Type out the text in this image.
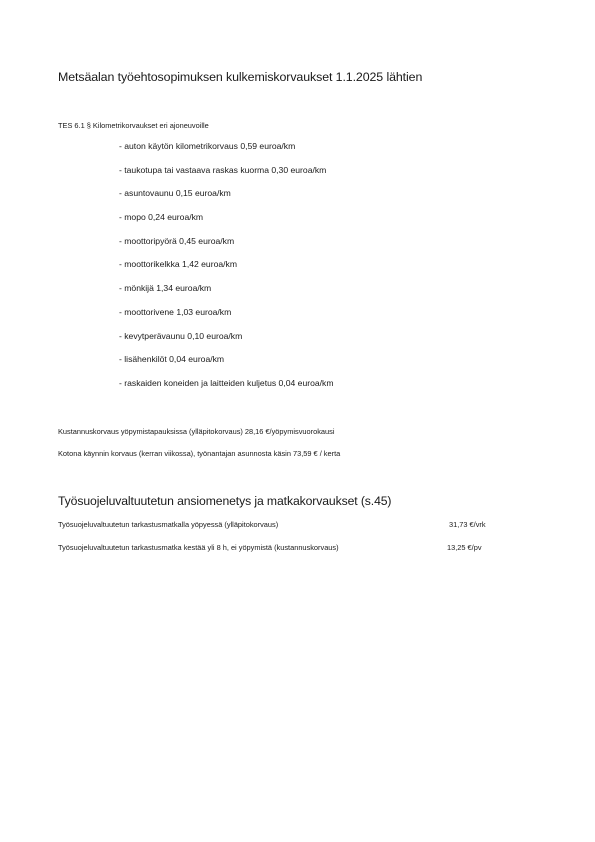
Metsäalan työehtosopimuksen kulkemiskorvaukset 1.1.2025 lähtien
TES 6.1 § Kilometrikorvaukset eri ajoneuvoille
- auton käytön kilometrikorvaus 0,59 euroa/km
- taukotupa tai vastaava raskas kuorma 0,30 euroa/km
- asuntovaunu 0,15 euroa/km
- mopo 0,24 euroa/km
- moottoripyörä 0,45 euroa/km
- moottorikelkka 1,42 euroa/km
- mönkijä 1,34 euroa/km
- moottorivene 1,03 euroa/km
- kevytperävaunu 0,10 euroa/km
- lisähenkilöt 0,04 euroa/km
- raskaiden koneiden ja laitteiden kuljetus 0,04 euroa/km
Kustannuskorvaus yöpymistapauksissa (ylläpitokorvaus) 28,16 €/yöpymisvuorokausi
Kotona käynnin korvaus (kerran viikossa), työnantajan asunnosta käsin 73,59 € / kerta
Työsuojeluvaltuutetun ansiomenetys ja matkakorvaukset (s.45)
Työsuojeluvaltuutetun tarkastusmatkalla yöpyessä (ylläpitokorvaus)	31,73 €/vrk
Työsuojeluvaltuutetun tarkastusmatka kestää yli 8 h, ei yöpymistä (kustannuskorvaus)	13,25 €/pv
